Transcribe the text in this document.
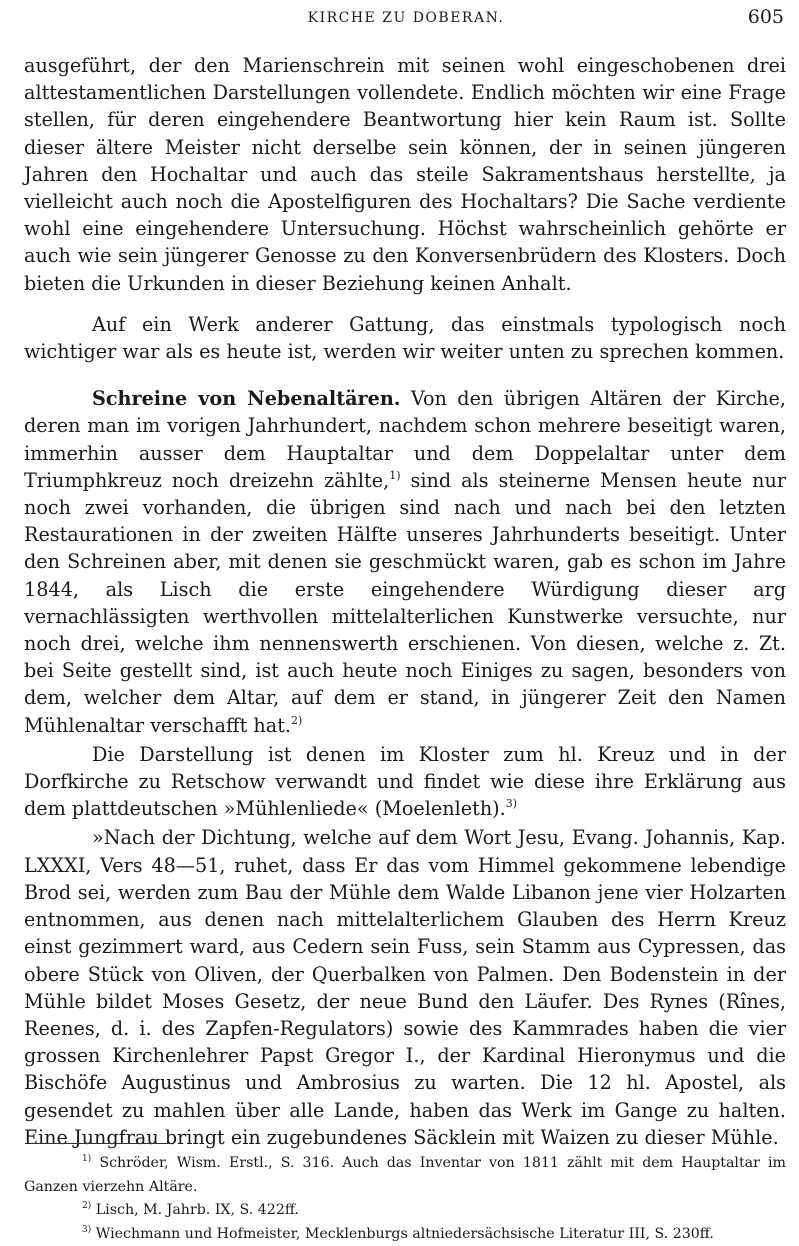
KIRCHE ZU DOBERAN.	605

ausgeführt, der den Marienschrein mit seinen wohl eingeschobenen drei alttestamentlichen Darstellungen vollendete. Endlich möchten wir eine Frage stellen, für deren eingehendere Beantwortung hier kein Raum ist. Sollte dieser ältere Meister nicht derselbe sein können, der in seinen jüngeren Jahren den Hochaltar und auch das steile Sakramentshaus herstellte, ja vielleicht auch noch die Apostelfiguren des Hochaltars? Die Sache verdiente wohl eine eingehendere Untersuchung. Höchst wahrscheinlich gehörte er auch wie sein jüngerer Genosse zu den Konversenbrüdern des Klosters. Doch bieten die Urkunden in dieser Beziehung keinen Anhalt.

Auf ein Werk anderer Gattung, das einstmals typologisch noch wichtiger war als es heute ist, werden wir weiter unten zu sprechen kommen.

Schreine von Nebenaltären. Von den übrigen Altären der Kirche, deren man im vorigen Jahrhundert, nachdem schon mehrere beseitigt waren, immerhin ausser dem Hauptaltar und dem Doppelaltar unter dem Triumphkreuz noch dreizehn zählte,$^{1)}$ sind als steinerne Mensen heute nur noch zwei vorhanden, die übrigen sind nach und nach bei den letzten Restaurationen in der zweiten Hälfte unseres Jahrhunderts beseitigt. Unter den Schreinen aber, mit denen sie geschmückt waren, gab es schon im Jahre 1844, als Lisch die erste eingehendere Würdigung dieser arg vernachlässigten werthvollen mittelalterlichen Kunstwerke versuchte, nur noch drei, welche ihm nennenswerth erschienen. Von diesen, welche z. Zt. bei Seite gestellt sind, ist auch heute noch Einiges zu sagen, besonders von dem, welcher dem Altar, auf dem er stand, in jüngerer Zeit den Namen Mühlenaltar verschafft hat.$^{2)}$

Die Darstellung ist denen im Kloster zum hl. Kreuz und in der Dorfkirche zu Retschow verwandt und findet wie diese ihre Erklärung aus dem plattdeutschen »Mühlenliede« (Moelenleth).$^{3)}$

»Nach der Dichtung, welche auf dem Wort Jesu, Evang. Johannis, Kap. LXXXI, Vers 48—51, ruhet, dass Er das vom Himmel gekommene lebendige Brod sei, werden zum Bau der Mühle dem Walde Libanon jene vier Holzarten entnommen, aus denen nach mittelalterlichem Glauben des Herrn Kreuz einst gezimmert ward, aus Cedern sein Fuss, sein Stamm aus Cypressen, das obere Stück von Oliven, der Querbalken von Palmen. Den Bodenstein in der Mühle bildet Moses Gesetz, der neue Bund den Läufer. Des Rynes (Rînes, Reenes, d. i. des Zapfen-Regulators) sowie des Kammrades haben die vier grossen Kirchenlehrer Papst Gregor I., der Kardinal Hieronymus und die Bischöfe Augustinus und Ambrosius zu warten. Die 12 hl. Apostel, als gesendet zu mahlen über alle Lande, haben das Werk im Gange zu halten. Eine Jungfrau bringt ein zugebundenes Säcklein mit Waizen zu dieser Mühle.

$^{1)}$ Schröder, Wism. Erstl., S. 316. Auch das Inventar von 1811 zählt mit dem Hauptaltar im Ganzen vierzehn Altäre.

$^{2)}$ Lisch, M. Jahrb. IX, S. 422ff.

$^{3)}$ Wiechmann und Hofmeister, Mecklenburgs altniedersächsische Literatur III, S. 230ff.
